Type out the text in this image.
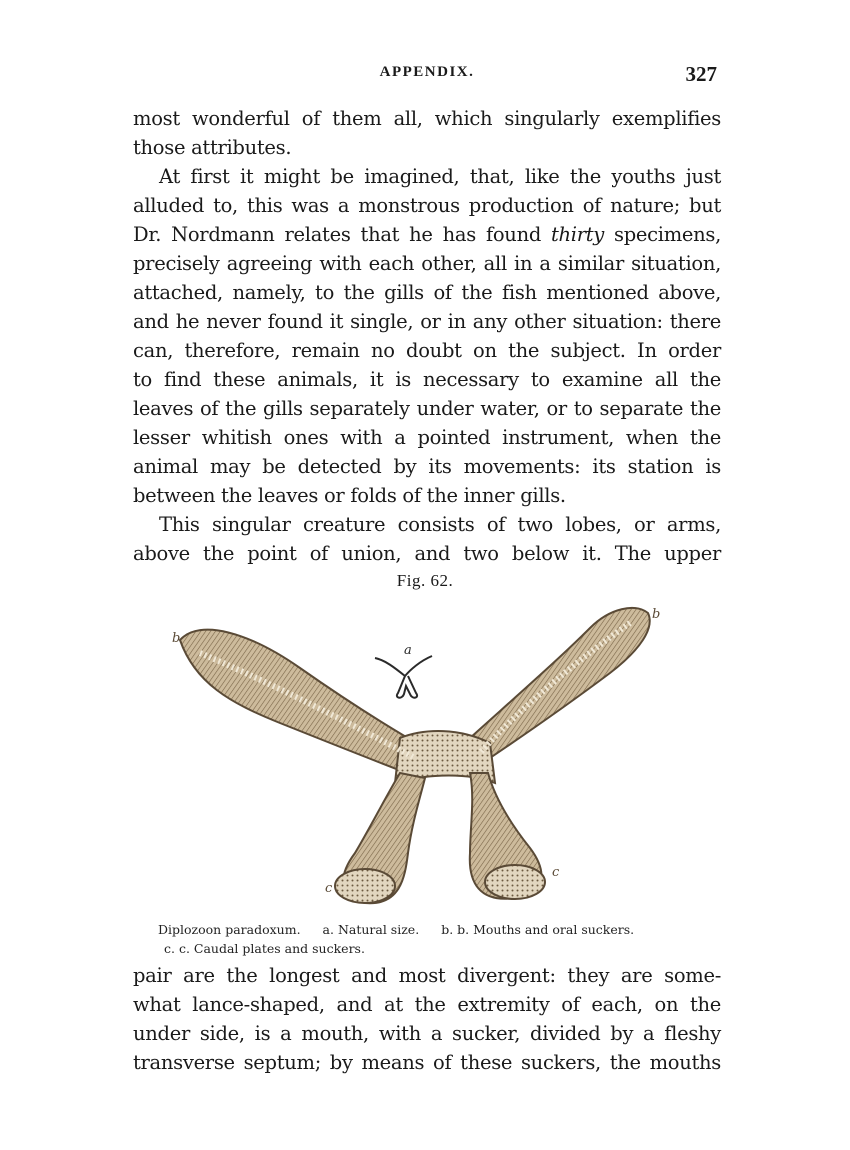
APPENDIX.	327

most wonderful of them all, which singularly exemplifies
those attributes.

At first it might be imagined, that, like the youths just
alluded to, this was a monstrous production of nature; but
Dr. Nordmann relates that he has found thirty specimens,
precisely agreeing with each other, all in a similar situation,
attached, namely, to the gills of the fish mentioned above,
and he never found it single, or in any other situation: there
can, therefore, remain no doubt on the subject. In order
to find these animals, it is necessary to examine all the
leaves of the gills separately under water, or to separate the
lesser whitish ones with a pointed instrument, when the
animal may be detected by its movements: its station is
between the leaves or folds of the inner gills.

This singular creature consists of two lobes, or arms,
above the point of union, and two below it. The upper

Fig. 62.
a
b
b
c
c
Diplozoon paradoxum. a. Natural size. b. b. Mouths and oral suckers.
c. c. Caudal plates and suckers.

pair are the longest and most divergent: they are some-
what lance-shaped, and at the extremity of each, on the
under side, is a mouth, with a sucker, divided by a fleshy
transverse septum; by means of these suckers, the mouths
